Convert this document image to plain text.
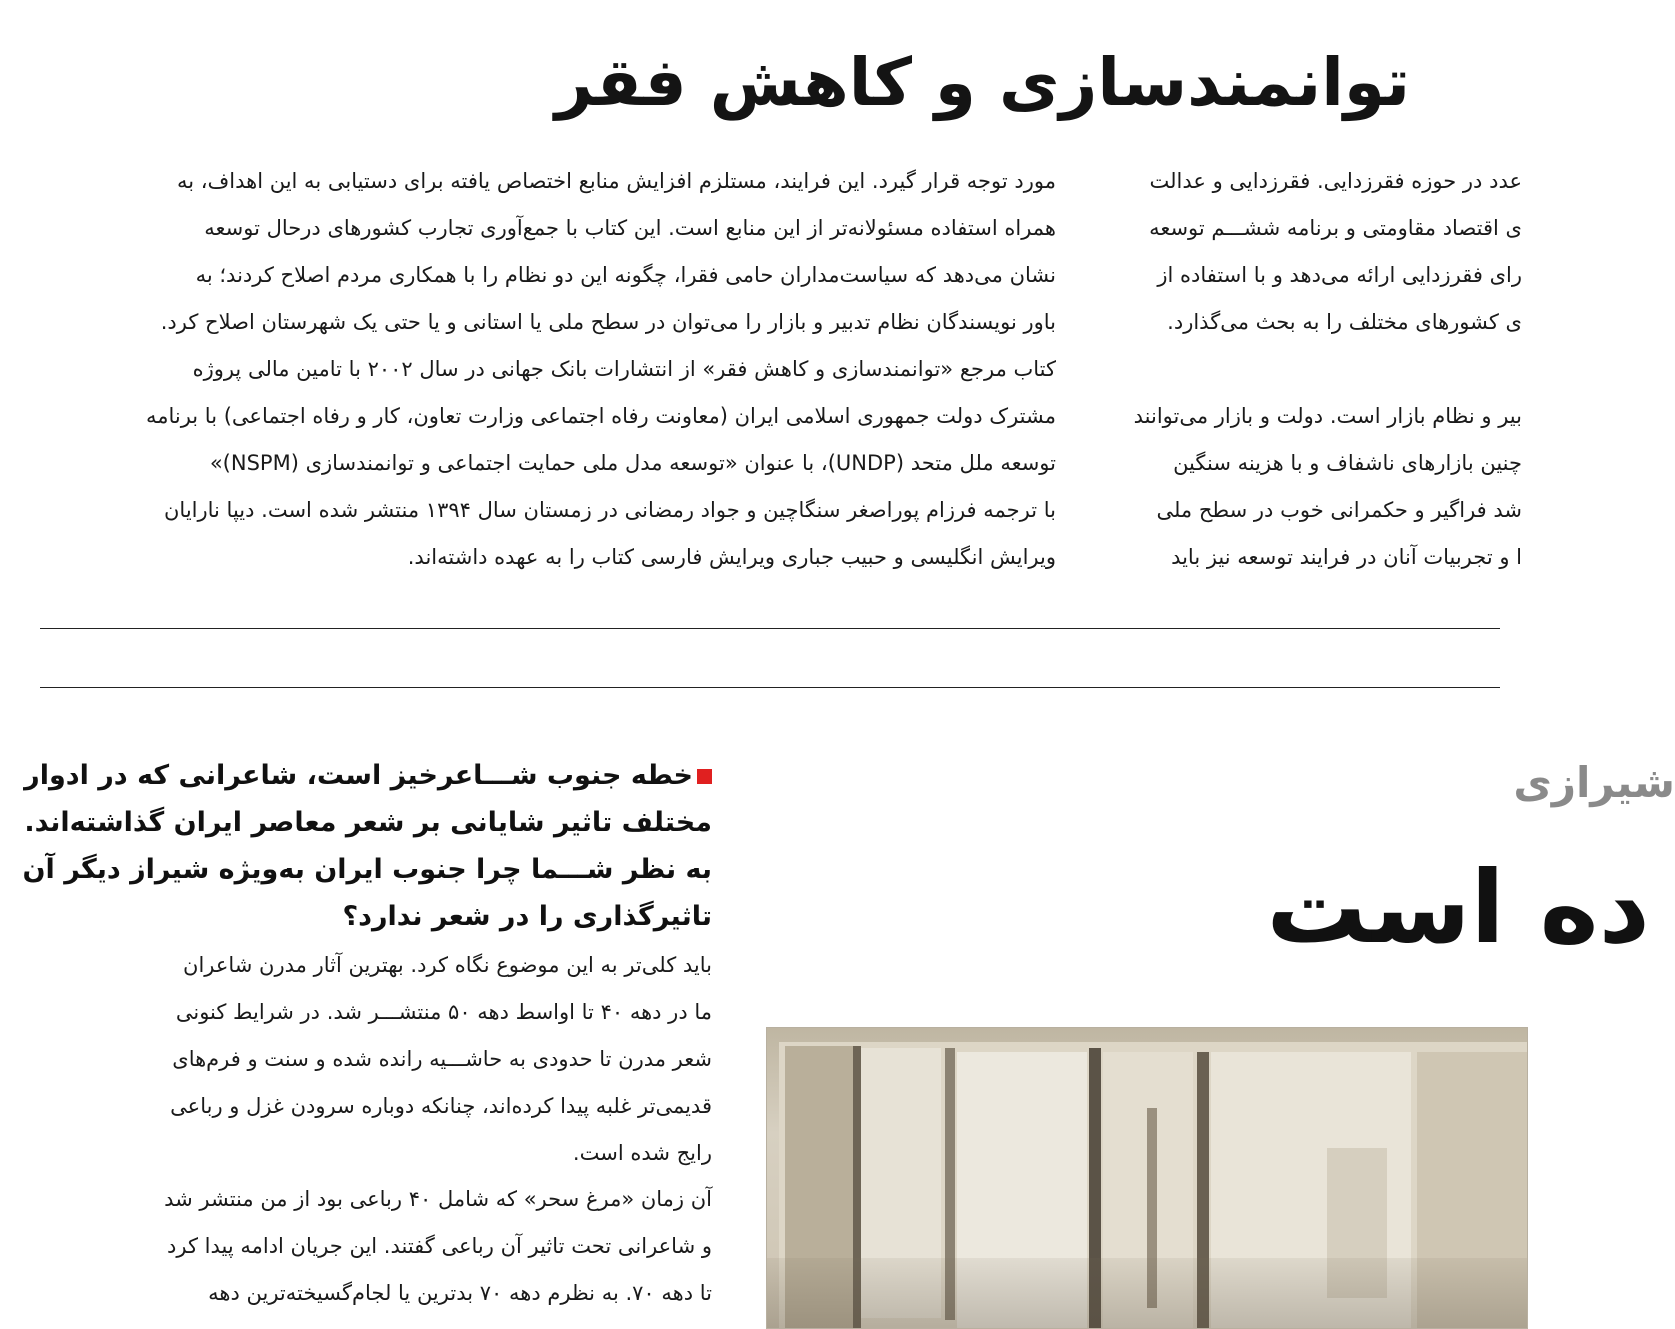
توانمندسازی و کاهش فقر
مورد توجه قرار گیرد. این فرایند، مستلزم افزایش منابع اختصاص یافته برای دستیابی به این اهداف، به
همراه استفاده مسئولانه‌تر از این منابع است. این کتاب با جمع‌آوری تجارب کشورهای درحال توسعه
نشان می‌دهد که سیاست‌مداران حامی فقرا، چگونه این دو نظام را با همکاری مردم اصلاح کردند؛ به
باور نویسندگان نظام تدبیر و بازار را می‌توان در سطح ملی یا استانی و یا حتی یک شهرستان اصلاح کرد.
کتاب مرجع «توانمندسازی و کاهش فقر» از انتشارات بانک جهانی در سال ۲۰۰۲ با تامین مالی پروژه
مشترک دولت جمهوری اسلامی ایران (معاونت رفاه اجتماعی وزارت تعاون، کار و رفاه اجتماعی) با برنامه
توسعه ملل متحد (UNDP)، با عنوان «توسعه مدل ملی حمایت اجتماعی و توانمندسازی (NSPM)»
با ترجمه فرزام پوراصغر سنگاچین و جواد رمضانی در زمستان سال ۱۳۹۴ منتشر شده است. دیپا نارایان
ویرایش انگلیسی و حبیب جباری ویرایش فارسی کتاب را به عهده داشته‌اند.
عدد در حوزه فقرزدایی. فقرزدایی و عدالت
ی اقتصاد مقاومتی و برنامه ششـــم توسعه
رای فقرزدایی ارائه می‌دهد و با استفاده از
ی کشورهای مختلف را به بحث می‌گذارد.
بیر و نظام بازار است. دولت و بازار می‌توانند
چنین بازارهای ناشفاف و با هزینه سنگین
شد فراگیر و حکمرانی خوب در سطح ملی
ا و تجربیات آنان در فرایند توسعه نیز باید
شیرازی
ده است
خطه جنوب شـــاعرخیز است، شاعرانی که در ادوار
مختلف تاثیر شایانی بر شعر معاصر ایران گذاشته‌اند.
به نظر شـــما چرا جنوب ایران به‌ویژه شیراز دیگر آن
تاثیرگذاری را در شعر ندارد؟
باید کلی‌تر به این موضوع نگاه کرد. بهترین آثار مدرن شاعران
ما در دهه ۴۰ تا اواسط دهه ۵۰ منتشـــر شد. در شرایط کنونی
شعر مدرن تا حدودی به حاشـــیه رانده شده و سنت و فرم‌های
قدیمی‌تر غلبه پیدا کرده‌اند، چنانکه دوباره سرودن غزل و رباعی
رایج شده است.
آن زمان «مرغ سحر» که شامل ۴۰ رباعی بود از من منتشر شد
و شاعرانی تحت تاثیر آن رباعی گفتند. این جریان ادامه پیدا کرد
تا دهه ۷۰. به نظرم دهه ۷۰ بدترین یا لجام‌گسیخته‌ترین دهه
